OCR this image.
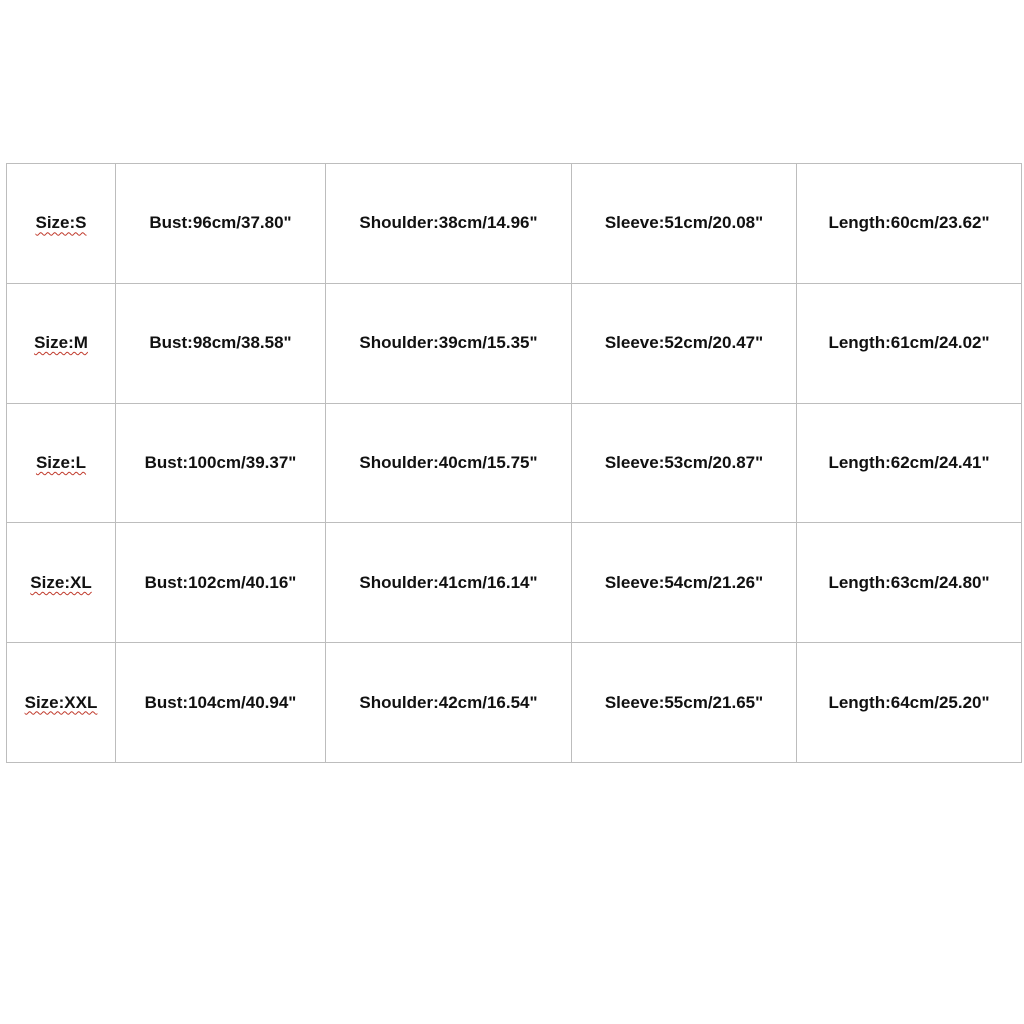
Size:S	Bust:96cm/37.80"	Shoulder:38cm/14.96"	Sleeve:51cm/20.08"	Length:60cm/23.62"
Size:M	Bust:98cm/38.58"	Shoulder:39cm/15.35"	Sleeve:52cm/20.47"	Length:61cm/24.02"
Size:L	Bust:100cm/39.37"	Shoulder:40cm/15.75"	Sleeve:53cm/20.87"	Length:62cm/24.41"
Size:XL	Bust:102cm/40.16"	Shoulder:41cm/16.14"	Sleeve:54cm/21.26"	Length:63cm/24.80"
Size:XXL	Bust:104cm/40.94"	Shoulder:42cm/16.54"	Sleeve:55cm/21.65"	Length:64cm/25.20"
